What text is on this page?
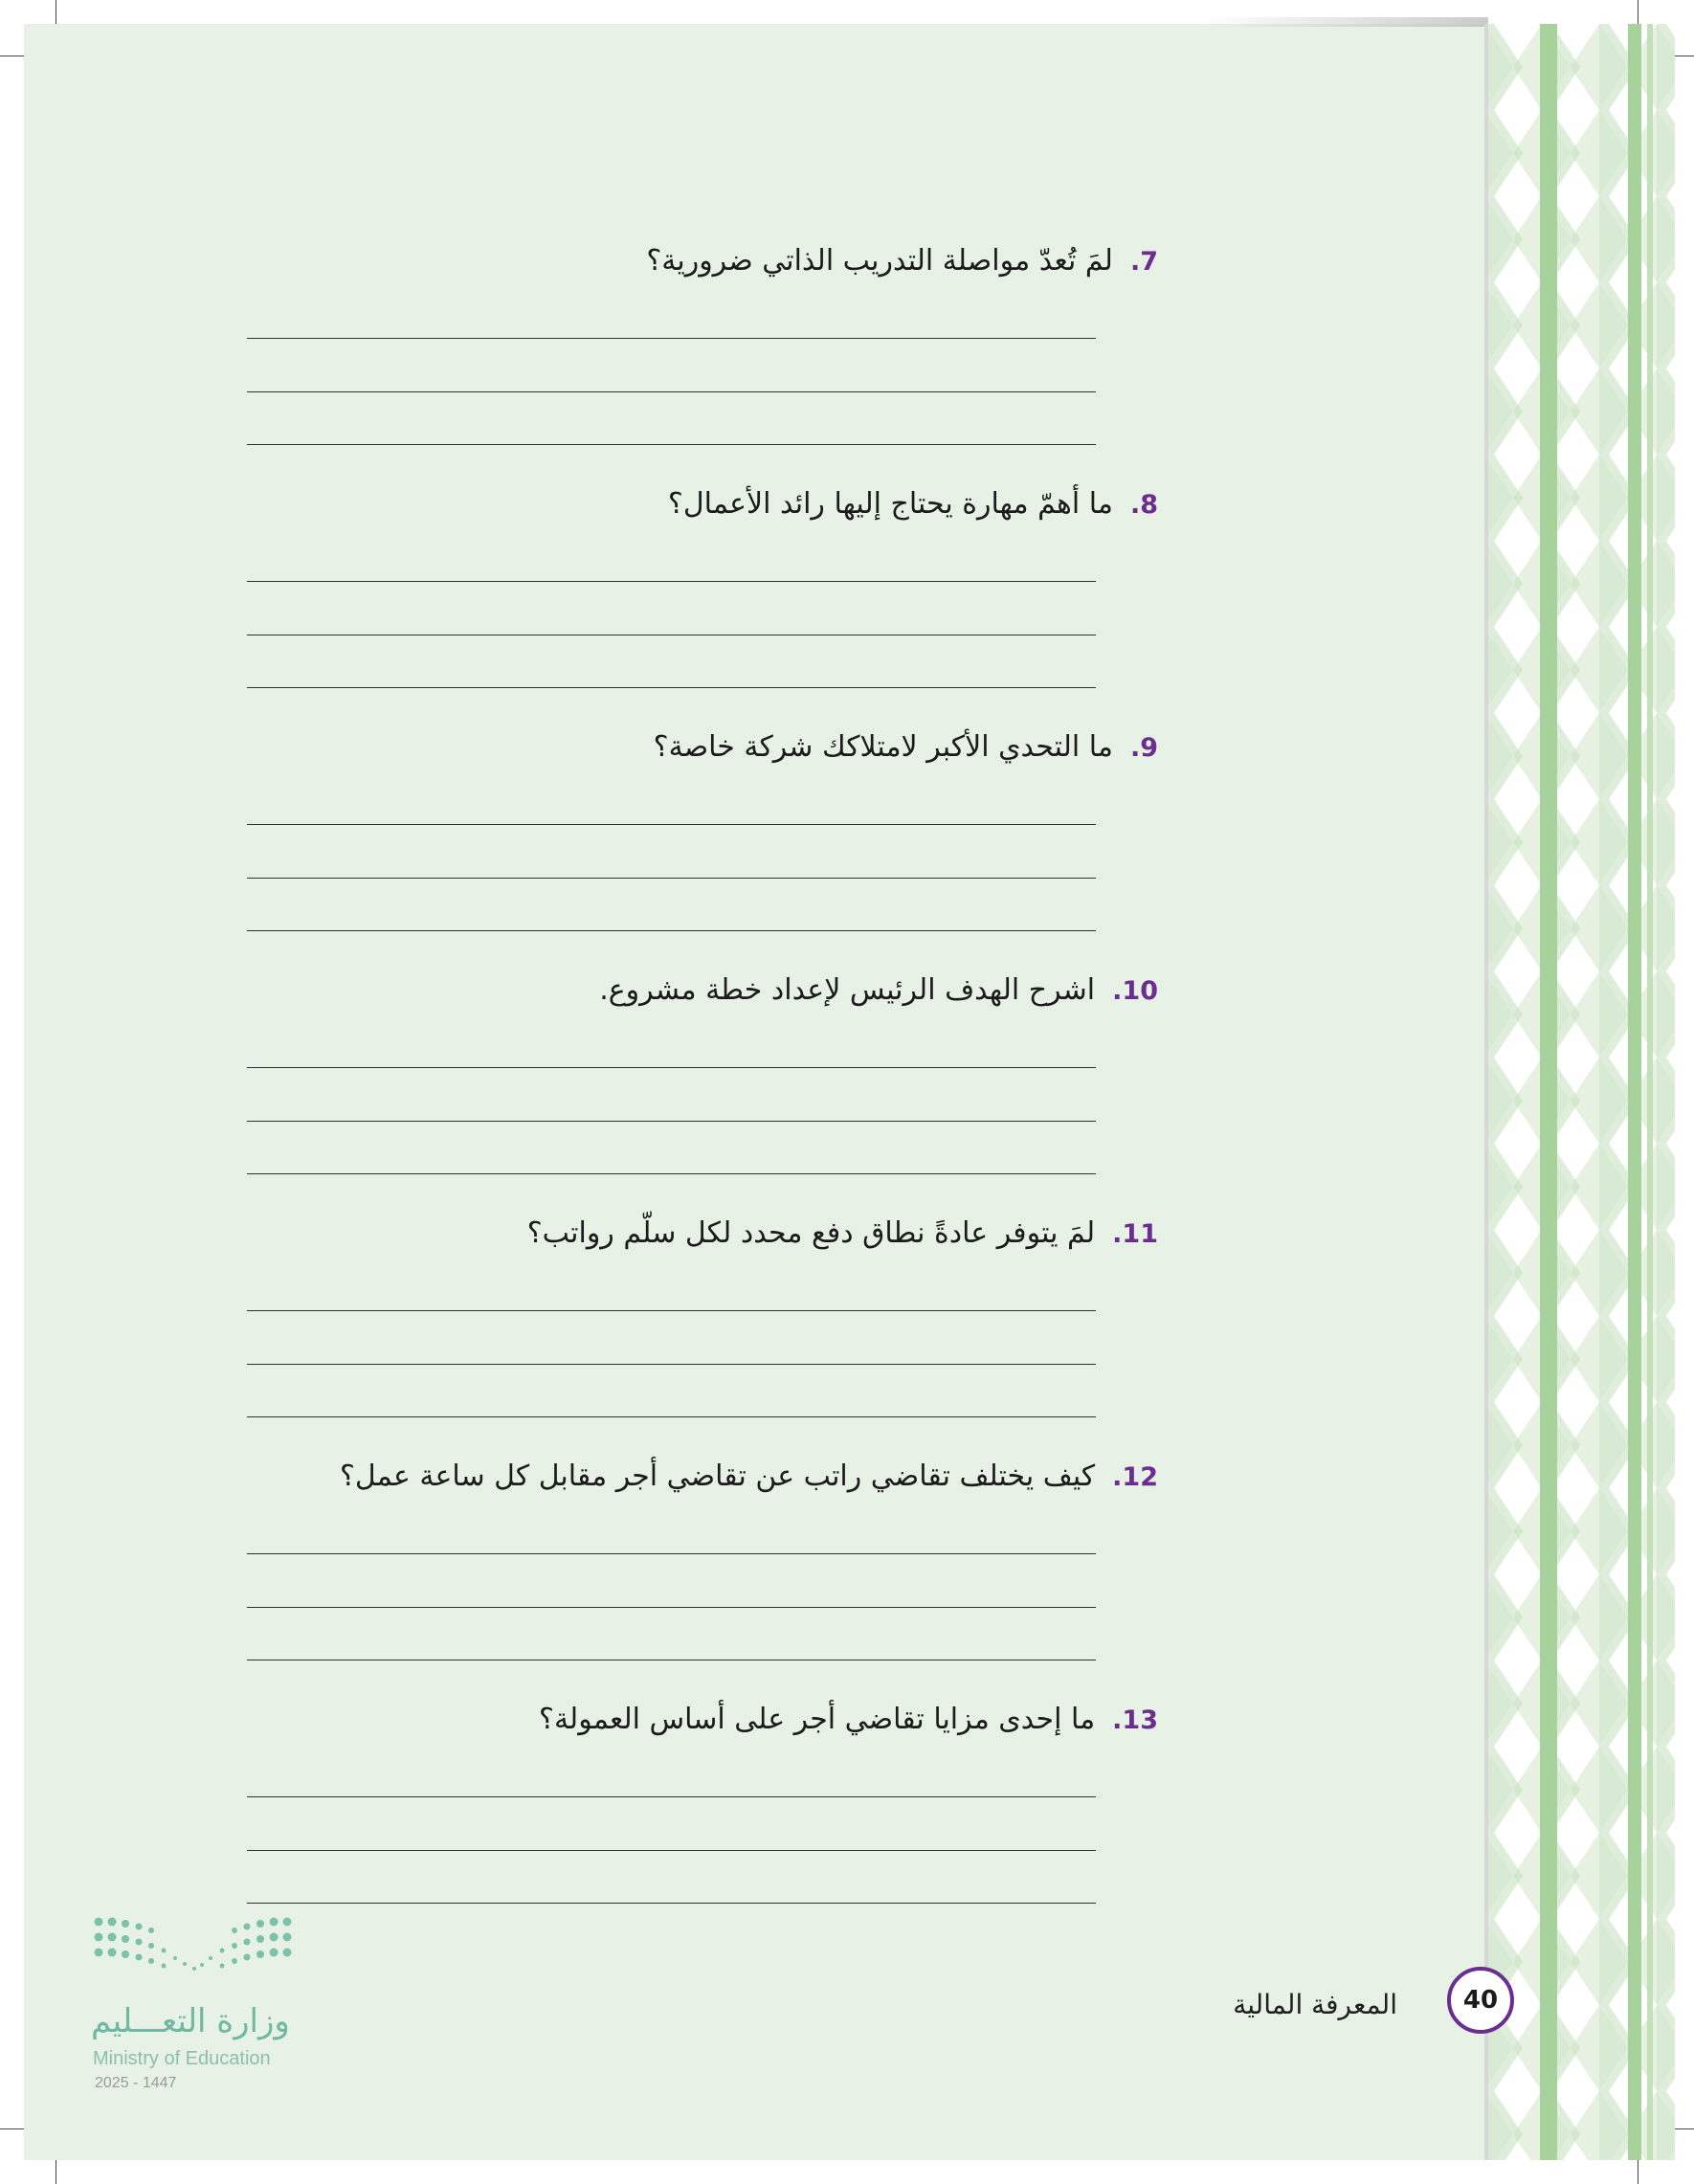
7.لمَ تُعدّ مواصلة التدريب الذاتي ضرورية؟
8.ما أهمّ مهارة يحتاج إليها رائد الأعمال؟
9.ما التحدي الأكبر لامتلاكك شركة خاصة؟
10.اشرح الهدف الرئيس لإعداد خطة مشروع.
11.لمَ يتوفر عادةً نطاق دفع محدد لكل سلّم رواتب؟
12.كيف يختلف تقاضي راتب عن تقاضي أجر مقابل كل ساعة عمل؟
13.ما إحدى مزايا تقاضي أجر على أساس العمولة؟
وزارة التعـــليم
Ministry of Education
2025 - 1447
المعرفة المالية	40
